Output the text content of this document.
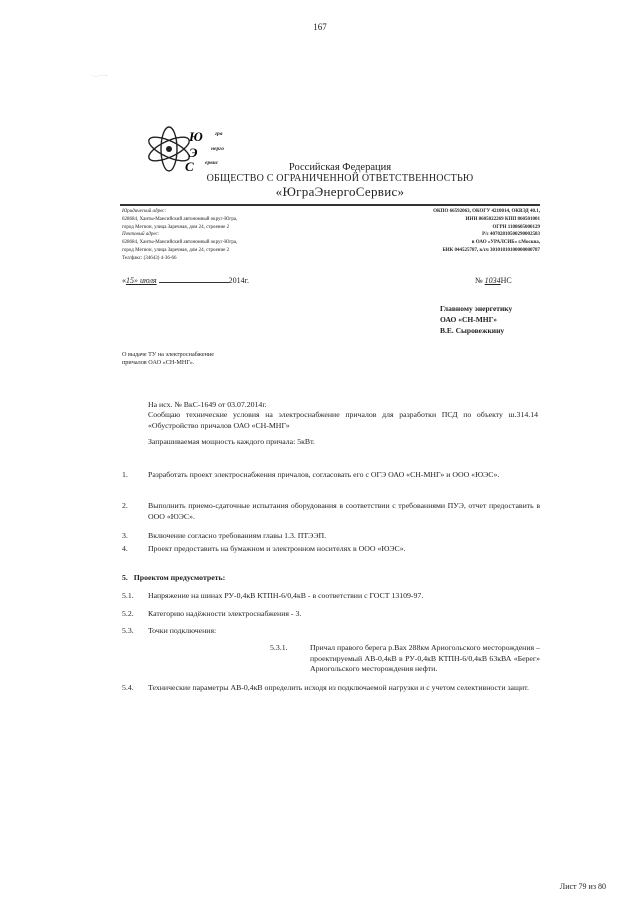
167
. _ ... ....
Ю
Э
С
гра
нерго
ервис	Российская Федерация
ОБЩЕСТВО С ОГРАНИЧЕННОЙ ОТВЕТСТВЕННОСТЬЮ
«ЮграЭнергоСервис»
Юридический адрес:
628684, Ханты-Мансийский автономный округ-Югра,
город Мегион, улица Заречная, дом 24, строение 2
Почтовый адрес:
628684, Ханты-Мансийский автономный округ-Югра,
город Мегион, улица Заречная, дом 24, строение 2
Тел/факс: (34643) 4-36-66
ОКПО 66592063, ОКОГУ 4210014, ОКВЭД 40.1,
ИНН 8605022269 КПП 860501001
ОГРН 1108605000129
Р/с 40702810500290002583
в ОАО «УРАЛСИБ» г.Москва,
БИК 044525787, к/сч 30101810100000000787
«15» июля	2014г.	№ 1034НС
Главному энергетику
ОАО «СН-МНГ»
В.Е. Сыровежкину
О выдаче ТУ на электроснабжение
причалов ОАО «СН-МНГ».
На исх. № ВкС-1649 от 03.07.2014г.
Сообщаю технические условия на электроснабжение причалов для разработки ПСД по объекту ш.314.14 «Обустройство причалов ОАО «СН-МНГ»
Запрашиваемая мощность каждого причала: 5кВт.
1.	Разработать проект электроснабжения причалов, согласовать его с ОГЭ ОАО «СН-МНГ» и ООО «ЮЭС».
2.	Выполнить приемо-сдаточные испытания оборудования в соответствии с требованиями ПУЭ, отчет предоставить в ООО «ЮЭС».
3.	Включение согласно требованиям главы 1.3. ПТЭЭП.
4.	Проект предоставить на бумажном и электронном носителях в ООО «ЮЭС».
5.   Проектом предусмотреть:
5.1. Напряжение на шинах РУ-0,4кВ КТПН-6/0,4кВ - в соответствии с ГОСТ 13109-97.
5.2. Категорию надёжности электроснабжения - 3.
5.3. Точки подключения:
5.3.1.	Причал правого берега р.Вах 288км Ариогольского месторождения – проектируемый АВ-0,4кВ в РУ-0,4кВ КТПН-6/0,4кВ 63кВА «Берег» Ариогольского месторождения нефти.
5.4. Технические параметры АВ-0,4кВ определить исходя из подключаемой нагрузки и с учетом селективности защит.
Лист 79 из 80
